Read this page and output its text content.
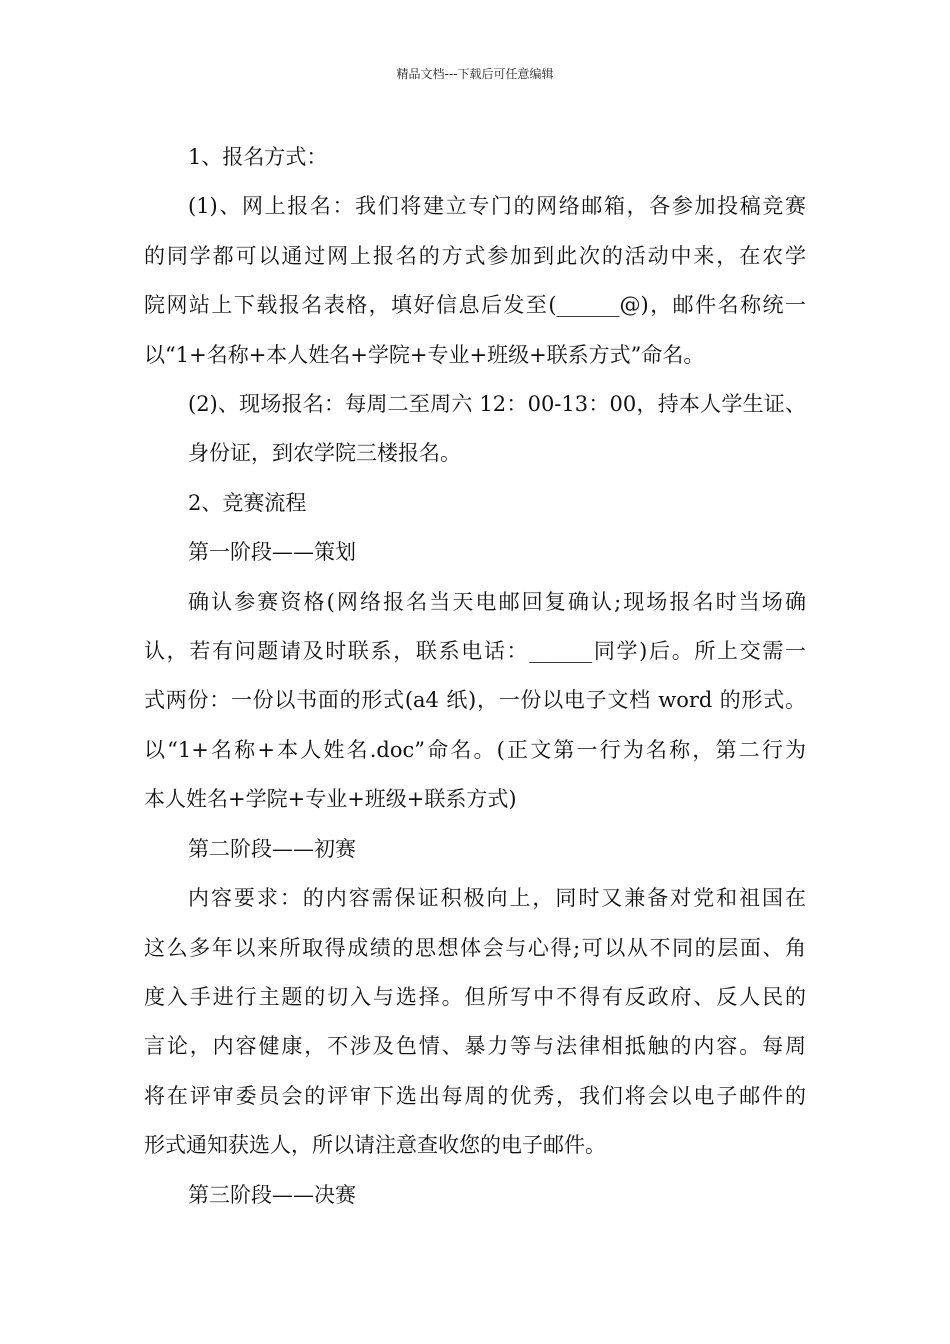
精品文档---下载后可任意编辑

1、报名方式：

(1)、网上报名：我们将建立专门的网络邮箱，各参加投稿竞赛

的同学都可以通过网上报名的方式参加到此次的活动中来，在农学

院网站上下载报名表格，填好信息后发至(______@)，邮件名称统一

以“1+名称+本人姓名+学院+专业+班级+联系方式”命名。

(2)、现场报名：每周二至周六 12：00-13：00，持本人学生证、

身份证，到农学院三楼报名。

2、竞赛流程

第一阶段——策划

确认参赛资格(网络报名当天电邮回复确认;现场报名时当场确

认，若有问题请及时联系，联系电话：______同学)后。所上交需一

式两份：一份以书面的形式(a4 纸)，一份以电子文档 word 的形式。

以“1+名称+本人姓名.doc”命名。(正文第一行为名称，第二行为

本人姓名+学院+专业+班级+联系方式)

第二阶段——初赛

内容要求：的内容需保证积极向上，同时又兼备对党和祖国在

这么多年以来所取得成绩的思想体会与心得;可以从不同的层面、角

度入手进行主题的切入与选择。但所写中不得有反政府、反人民的

言论，内容健康，不涉及色情、暴力等与法律相抵触的内容。每周

将在评审委员会的评审下选出每周的优秀，我们将会以电子邮件的

形式通知获选人，所以请注意查收您的电子邮件。

第三阶段——决赛
